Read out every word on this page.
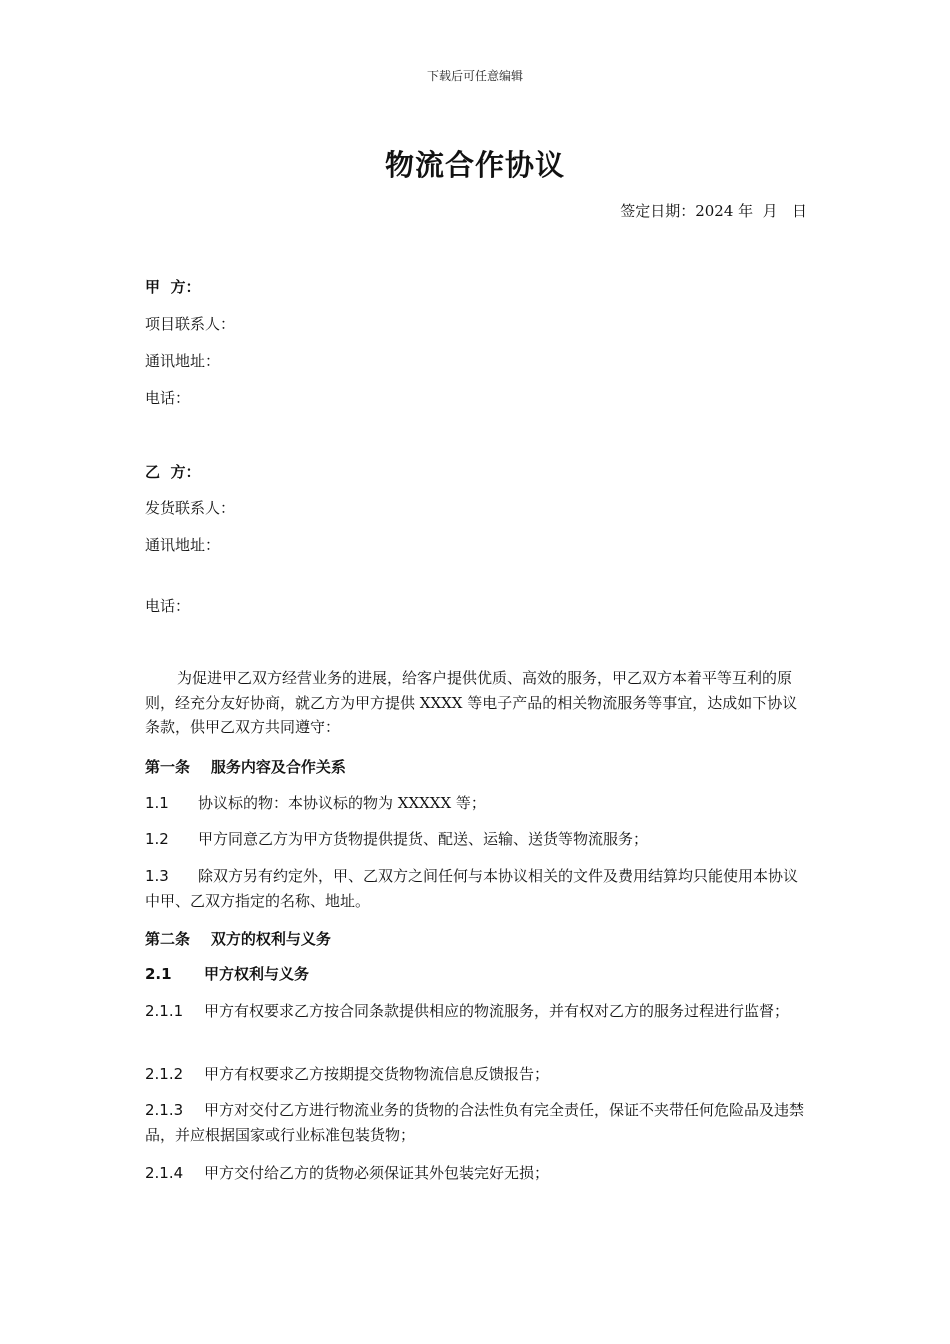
下载后可任意编辑
物流合作协议
签定日期：2024 年  月   日
甲  方：
项目联系人：
通讯地址：
电话：
乙  方：
发货联系人：
通讯地址：
电话：
为促进甲乙双方经营业务的进展，给客户提供优质、高效的服务，甲乙双方本着平等互利的原则，经充分友好协商，就乙方为甲方提供 XXXX 等电子产品的相关物流服务等事宜，达成如下协议条款，供甲乙双方共同遵守：
第一条    服务内容及合作关系
1.1 协议标的物：本协议标的物为 XXXXX 等；
1.2 甲方同意乙方为甲方货物提供提货、配送、运输、送货等物流服务；
1.3 除双方另有约定外，甲、乙双方之间任何与本协议相关的文件及费用结算均只能使用本协议中甲、乙双方指定的名称、地址。
第二条    双方的权利与义务
2.1 甲方权利与义务
2.1.1 甲方有权要求乙方按合同条款提供相应的物流服务，并有权对乙方的服务过程进行监督；
2.1.2 甲方有权要求乙方按期提交货物物流信息反馈报告；
2.1.3 甲方对交付乙方进行物流业务的货物的合法性负有完全责任，保证不夹带任何危险品及违禁品，并应根据国家或行业标准包装货物；
2.1.4 甲方交付给乙方的货物必须保证其外包装完好无损；
